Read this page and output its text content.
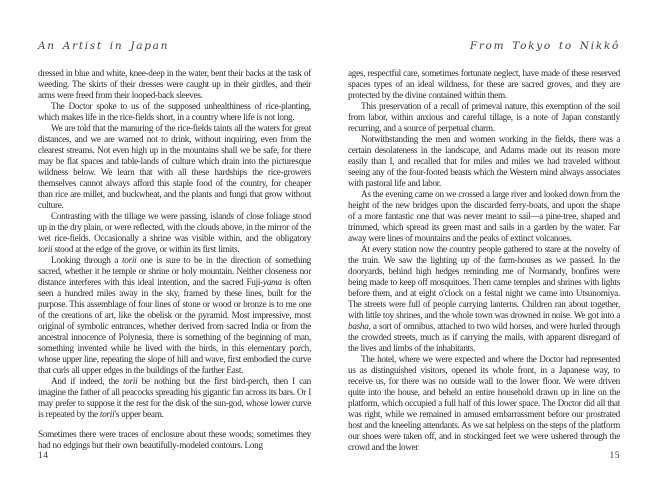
An Artist in Japan

dressed in blue and white, knee-deep in the water, bent their backs at the task of weeding. The skirts of their dresses were caught up in their girdles, and their arms were freed from their looped-back sleeves.

The Doctor spoke to us of the supposed unhealthiness of rice-planting, which makes life in the rice-fields short, in a country where life is not long.

We are told that the manuring of the rice-fields taints all the waters for great distances, and we are warned not to drink, without inquiring, even from the clearest streams. Not even high up in the mountains shall we be safe, for there may be flat spaces and table-lands of culture which drain into the picturesque wildness below. We learn that with all these hardships the rice-growers themselves cannot always afford this staple food of the country, for cheaper than rice are millet, and buckwheat, and the plants and fungi that grow without culture.

Contrasting with the tillage we were passing, islands of close foliage stood up in the dry plain, or were reflected, with the clouds above, in the mirror of the wet rice-fields. Occasionally a shrine was visible within, and the obligatory torii stood at the edge of the grove, or within its first limits.

Looking through a torii one is sure to be in the direction of something sacred, whether it be temple or shrine or holy mountain. Neither closeness nor distance interferes with this ideal intention, and the sacred Fuji-yama is often seen a hundred miles away in the sky, framed by these lines, built for the purpose. This assemblage of four lines of stone or wood or bronze is to me one of the creations of art, like the obelisk or the pyramid. Most impressive, most original of symbolic entrances, whether derived from sacred India or from the ancestral innocence of Polynesia, there is something of the beginning of man, something invented while he lived with the birds, in this elementary porch, whose upper line, repeating the slope of hill and wave, first embodied the curve that curls all upper edges in the buildings of the farther East.

And if indeed, the torii be nothing but the first bird-perch, then I can imagine the father of all peacocks spreading his gigantic fan across its bars. Or I may prefer to suppose it the rest for the disk of the sun-god, whose lower curve is repeated by the torii's upper beam.

Sometimes there were traces of enclosure about these woods; sometimes they had no edgings but their own beautifully-modeled contours. Long

14
From Tokyo to Nikkô

ages, respectful care, sometimes fortunate neglect, have made of these reserved spaces types of an ideal wildness, for these are sacred groves, and they are protected by the divine contained within them.

This preservation of a recall of primeval nature, this exemption of the soil from labor, within anxious and careful tillage, is a note of Japan constantly recurring, and a source of perpetual charm.

Notwithstanding the men and women working in the fields, there was a certain desolateness in the landscape, and Adams made out its reason more easily than I, and recalled that for miles and miles we had traveled without seeing any of the four-footed beasts which the Western mind always associates with pastoral life and labor.

As the evening came on we crossed a large river and looked down from the height of the new bridges upon the discarded ferry-boats, and upon the shape of a more fantastic one that was never meant to sail—a pine-tree, shaped and trimmed, which spread its green mast and sails in a garden by the water. Far away were lines of mountains and the peaks of extinct volcanoes.

At every station now the country people gathered to stare at the novelty of the train. We saw the lighting up of the farm-houses as we passed. In the dooryards, behind high hedges reminding me of Normandy, bonfires were being made to keep off mosquitoes. Then came temples and shrines with lights before them, and at eight o'clock on a festal night we came into Utsunomiya. The streets were full of people carrying lanterns. Children ran about together, with little toy shrines, and the whole town was drowned in noise. We got into a basha, a sort of omnibus, attached to two wild horses, and were hurled through the crowded streets, much as if carrying the mails, with apparent disregard of the lives and limbs of the inhabitants.

The hotel, where we were expected and where the Doctor had represented us as distinguished visitors, opened its whole front, in a Japanese way, to receive us, for there was no outside wall to the lower floor. We were driven quite into the house, and beheld an entire household drawn up in line on the platform, which occupied a full half of this lower space. The Doctor did all that was right, while we remained in amused embarrassment before our prostrated host and the kneeling attendants. As we sat helpless on the steps of the platform our shoes were taken off, and in stockinged feet we were ushered through the crowd and the lower

15
